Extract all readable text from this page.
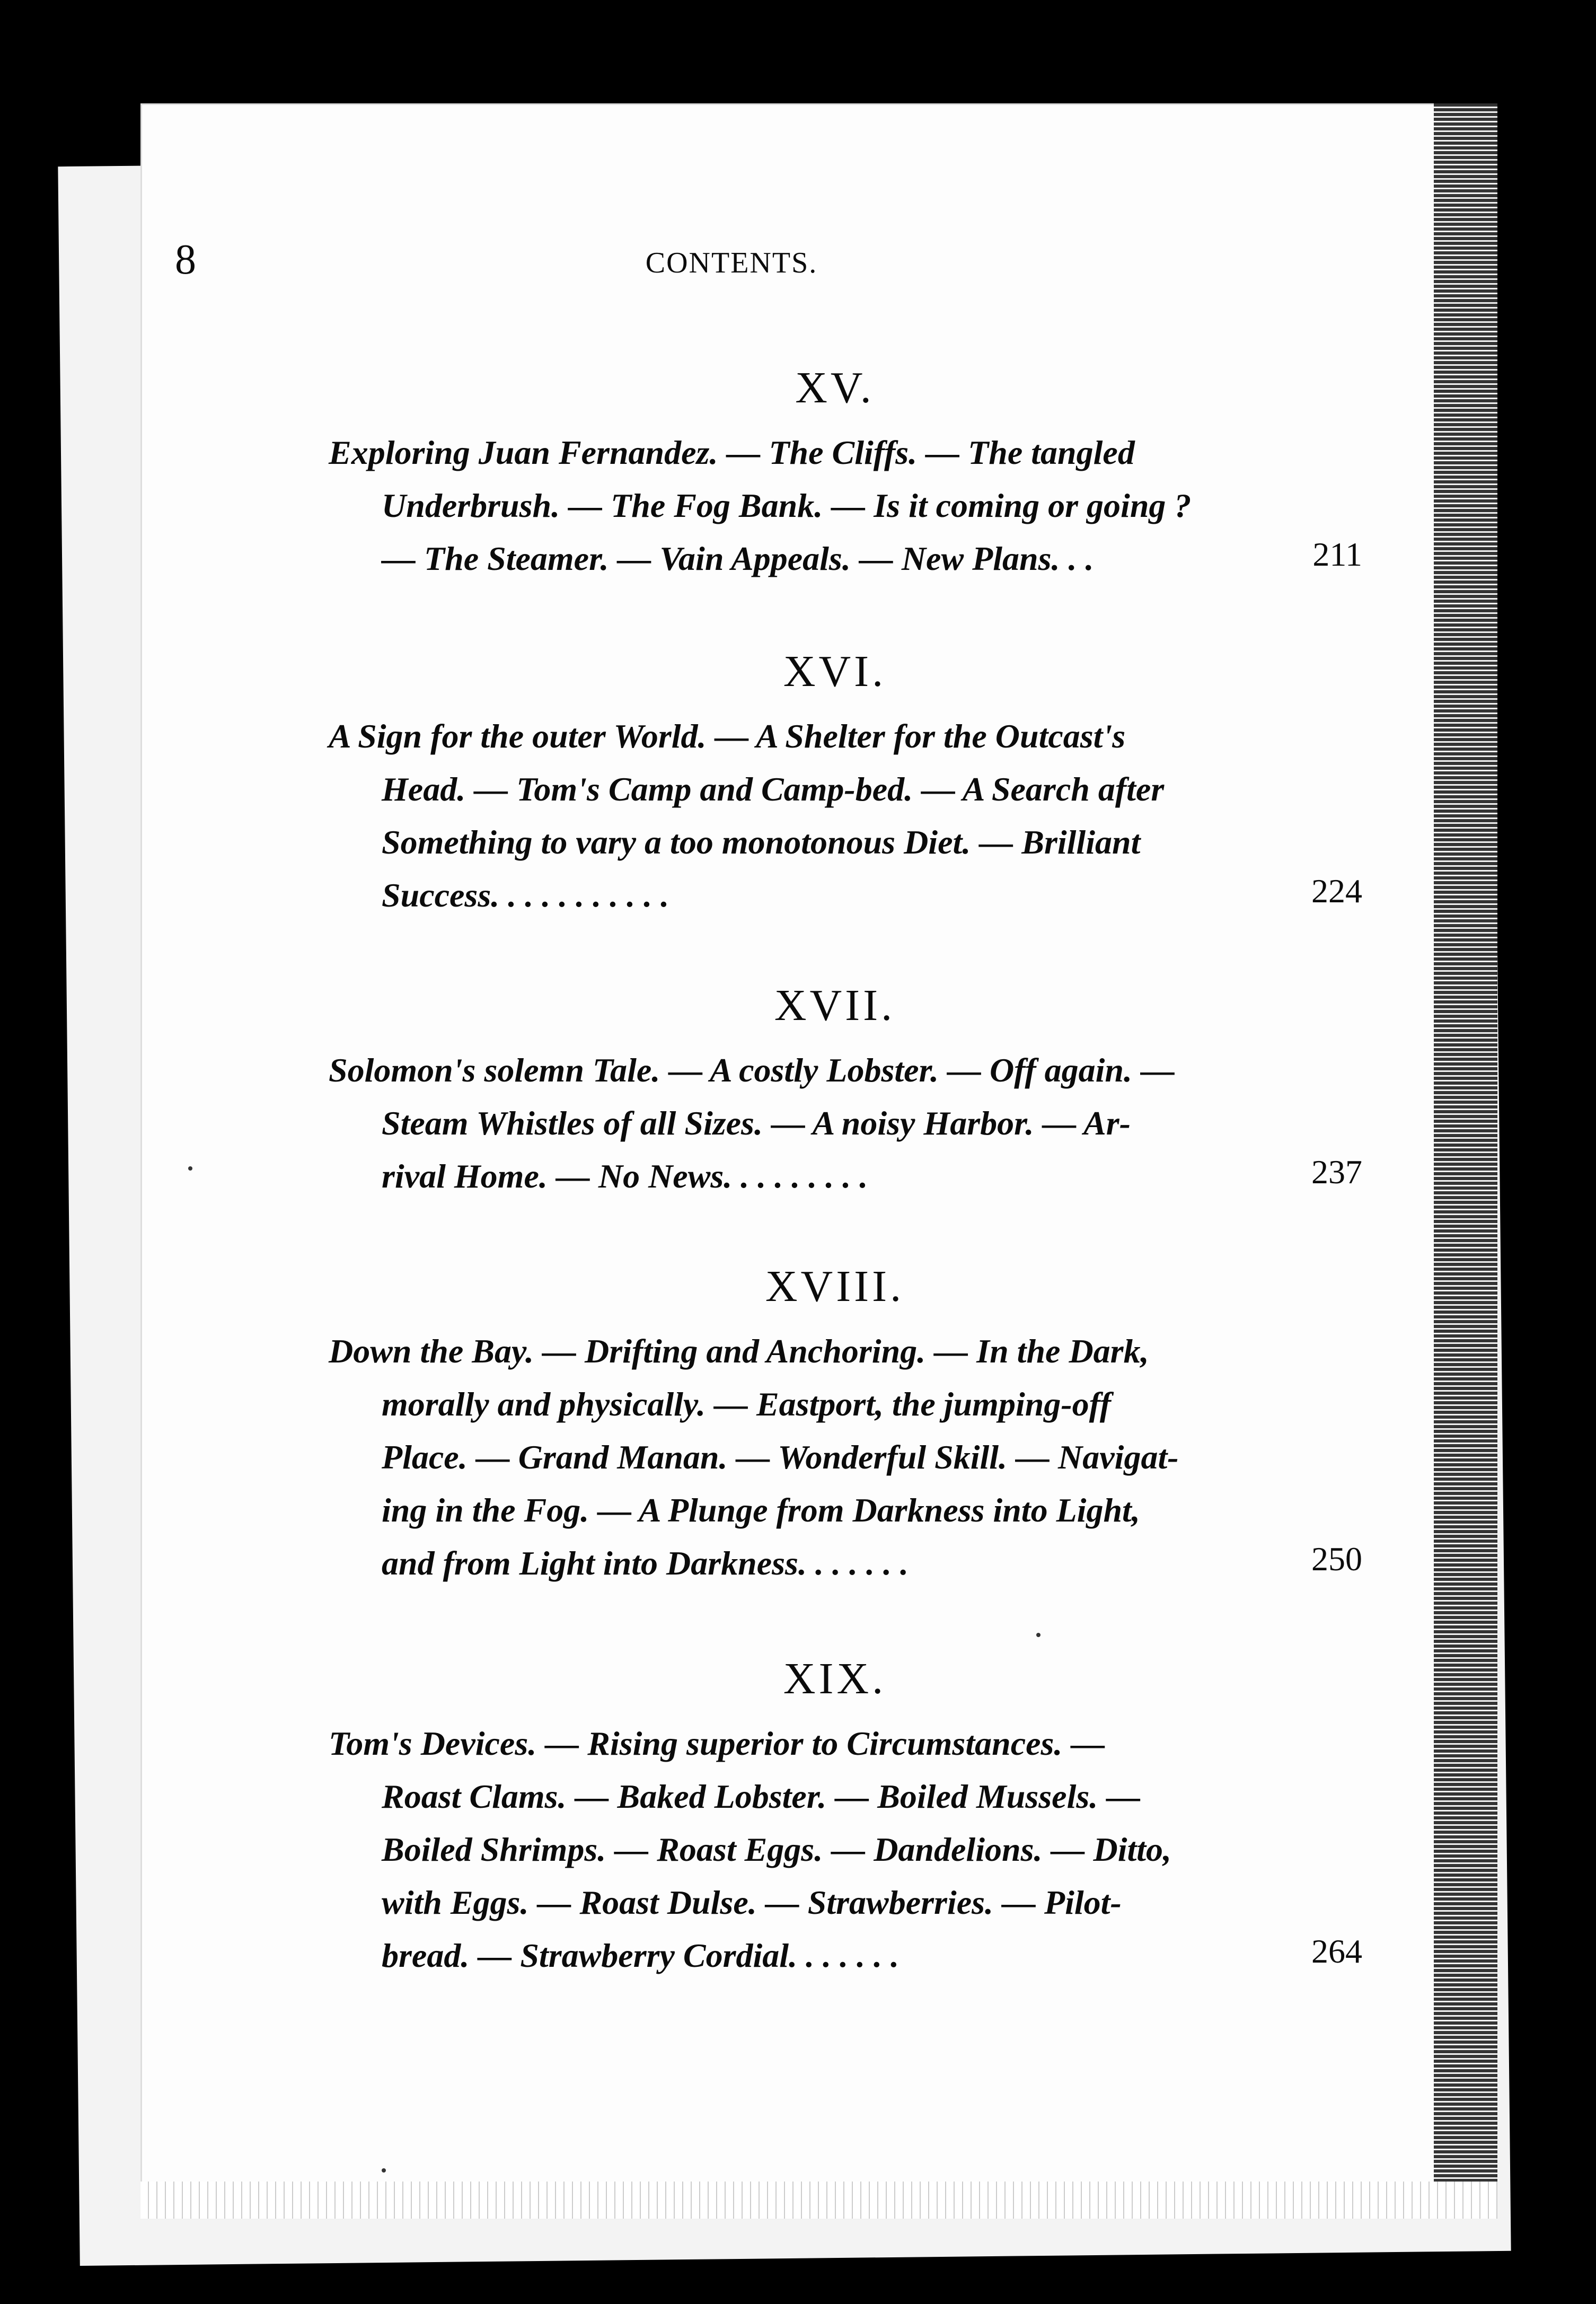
8	CONTENTS.
XV.
Exploring Juan Fernandez. — The Cliffs. — The tangled
Underbrush. — The Fog Bank. — Is it coming or going ?
— The Steamer. — Vain Appeals. — New Plans. . .	211
XVI.
A Sign for the outer World. — A Shelter for the Outcast's
Head. — Tom's Camp and Camp-bed. — A Search after
Something to vary a too monotonous Diet. — Brilliant
Success. . . . . . . . . . .	224
XVII.
Solomon's solemn Tale. — A costly Lobster. — Off again. —
Steam Whistles of all Sizes. — A noisy Harbor. — Ar-
rival Home. — No News. . . . . . . . .	237
XVIII.
Down the Bay. — Drifting and Anchoring. — In the Dark,
morally and physically. — Eastport, the jumping-off
Place. — Grand Manan. — Wonderful Skill. — Navigat-
ing in the Fog. — A Plunge from Darkness into Light,
and from Light into Darkness. . . . . . .	250
XIX.
Tom's Devices. — Rising superior to Circumstances. —
Roast Clams. — Baked Lobster. — Boiled Mussels. —
Boiled Shrimps. — Roast Eggs. — Dandelions. — Ditto,
with Eggs. — Roast Dulse. — Strawberries. — Pilot-
bread. — Strawberry Cordial. . . . . . .	264
